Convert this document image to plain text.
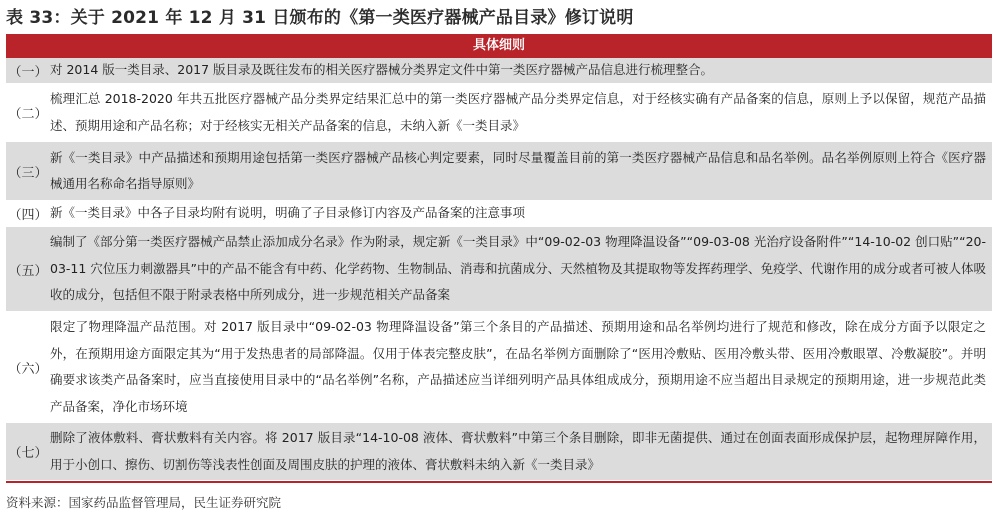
表 33：关于 2021 年 12 月 31 日颁布的《第一类医疗器械产品目录》修订说明
具体细则
（一） 对 2014 版一类目录、2017 版目录及既往发布的相关医疗器械分类界定文件中第一类医疗器械产品信息进行梳理整合。
（二）
梳理汇总 2018-2020 年共五批医疗器械产品分类界定结果汇总中的第一类医疗器械产品分类界定信息，对于经核实确有产品备案的信息，原则上予以保留，规范产品描述、预期用途和产品名称；对于经核实无相关产品备案的信息，未纳入新《一类目录》
（三）
新《一类目录》中产品描述和预期用途包括第一类医疗器械产品核心判定要素，同时尽量覆盖目前的第一类医疗器械产品信息和品名举例。品名举例原则上符合《医疗器械通用名称命名指导原则》
（四） 新《一类目录》中各子目录均附有说明，明确了子目录修订内容及产品备案的注意事项
（五）
编制了《部分第一类医疗器械产品禁止添加成分名录》作为附录，规定新《一类目录》中“09-02-03 物理降温设备”“09-03-08 光治疗设备附件”“14-10-02 创口贴”“20-03-11 穴位压力刺激器具”中的产品不能含有中药、化学药物、生物制品、消毒和抗菌成分、天然植物及其提取物等发挥药理学、免疫学、代谢作用的成分或者可被人体吸收的成分，包括但不限于附录表格中所列成分，进一步规范相关产品备案
（六）
限定了物理降温产品范围。对 2017 版目录中“09-02-03 物理降温设备”第三个条目的产品描述、预期用途和品名举例均进行了规范和修改，除在成分方面予以限定之外，在预期用途方面限定其为“用于发热患者的局部降温。仅用于体表完整皮肤”，在品名举例方面删除了“医用冷敷贴、医用冷敷头带、医用冷敷眼罩、冷敷凝胶”。并明确要求该类产品备案时，应当直接使用目录中的“品名举例”名称，产品描述应当详细列明产品具体组成成分，预期用途不应当超出目录规定的预期用途，进一步规范此类产品备案，净化市场环境
（七）
删除了液体敷料、膏状敷料有关内容。将 2017 版目录“14-10-08 液体、膏状敷料”中第三个条目删除，即非无菌提供、通过在创面表面形成保护层，起物理屏障作用，用于小创口、擦伤、切割伤等浅表性创面及周围皮肤的护理的液体、膏状敷料未纳入新《一类目录》
资料来源：国家药品监督管理局，民生证券研究院
